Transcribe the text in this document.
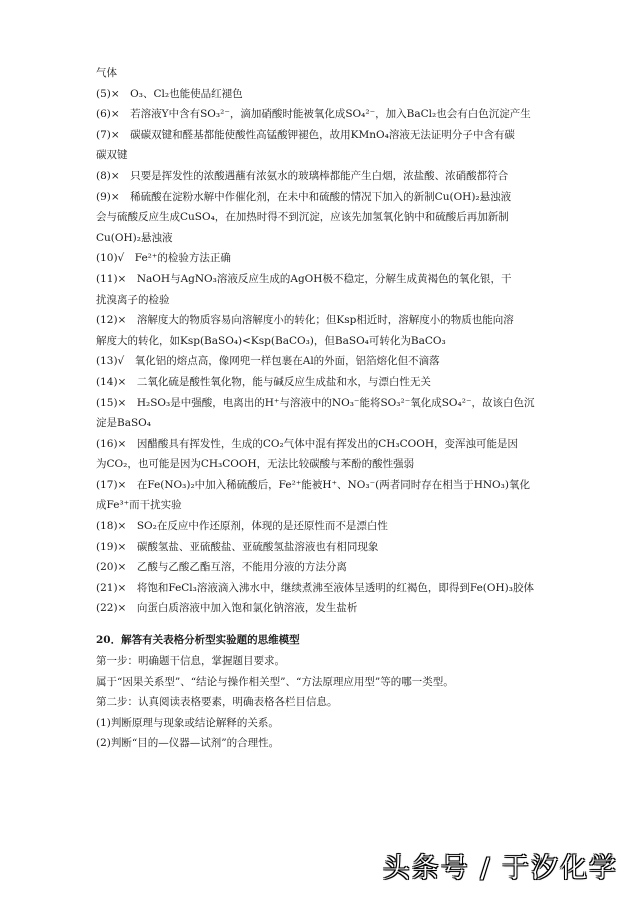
气体

(5)×　O₃、Cl₂也能使品红褪色

(6)×　若溶液Y中含有SO₃²⁻，滴加硝酸时能被氧化成SO₄²⁻，加入BaCl₂也会有白色沉淀产生

(7)×　碳碳双键和醛基都能使酸性高锰酸钾褪色，故用KMnO₄溶液无法证明分子中含有碳

碳双键

(8)×　只要是挥发性的浓酸遇蘸有浓氨水的玻璃棒都能产生白烟，浓盐酸、浓硝酸都符合

(9)×　稀硫酸在淀粉水解中作催化剂，在未中和硫酸的情况下加入的新制Cu(OH)₂悬浊液

会与硫酸反应生成CuSO₄，在加热时得不到沉淀，应该先加氢氧化钠中和硫酸后再加新制

Cu(OH)₂悬浊液

(10)√　Fe²⁺的检验方法正确

(11)×　NaOH与AgNO₃溶液反应生成的AgOH极不稳定，分解生成黄褐色的氧化银，干

扰溴离子的检验

(12)×　溶解度大的物质容易向溶解度小的转化；但Ksp相近时，溶解度小的物质也能向溶

解度大的转化，如Ksp(BaSO₄)<Ksp(BaCO₃)，但BaSO₄可转化为BaCO₃

(13)√　氧化铝的熔点高，像网兜一样包裹在Al的外面，铝箔熔化但不滴落

(14)×　二氧化硫是酸性氧化物，能与碱反应生成盐和水，与漂白性无关

(15)×　H₂SO₃是中强酸，电离出的H⁺与溶液中的NO₃⁻能将SO₃²⁻氧化成SO₄²⁻，故该白色沉

淀是BaSO₄

(16)×　因醋酸具有挥发性，生成的CO₂气体中混有挥发出的CH₃COOH，变浑浊可能是因

为CO₂，也可能是因为CH₃COOH，无法比较碳酸与苯酚的酸性强弱

(17)×　在Fe(NO₃)₂中加入稀硫酸后，Fe²⁺能被H⁺、NO₃⁻(两者同时存在相当于HNO₃)氧化

成Fe³⁺而干扰实验

(18)×　SO₂在反应中作还原剂，体现的是还原性而不是漂白性

(19)×　碳酸氢盐、亚硫酸盐、亚硫酸氢盐溶液也有相同现象

(20)×　乙酸与乙酸乙酯互溶，不能用分液的方法分离

(21)×　将饱和FeCl₃溶液滴入沸水中，继续煮沸至液体呈透明的红褐色，即得到Fe(OH)₃胶体

(22)×　向蛋白质溶液中加入饱和氯化钠溶液，发生盐析

20．解答有关表格分析型实验题的思维模型

第一步：明确题干信息，掌握题目要求。

属于“因果关系型”、“结论与操作相关型”、“方法原理应用型”等的哪一类型。

第二步：认真阅读表格要素，明确表格各栏目信息。

(1)判断原理与现象或结论解释的关系。

(2)判断“目的—仪器—试剂”的合理性。

头条号 / 于汐化学
